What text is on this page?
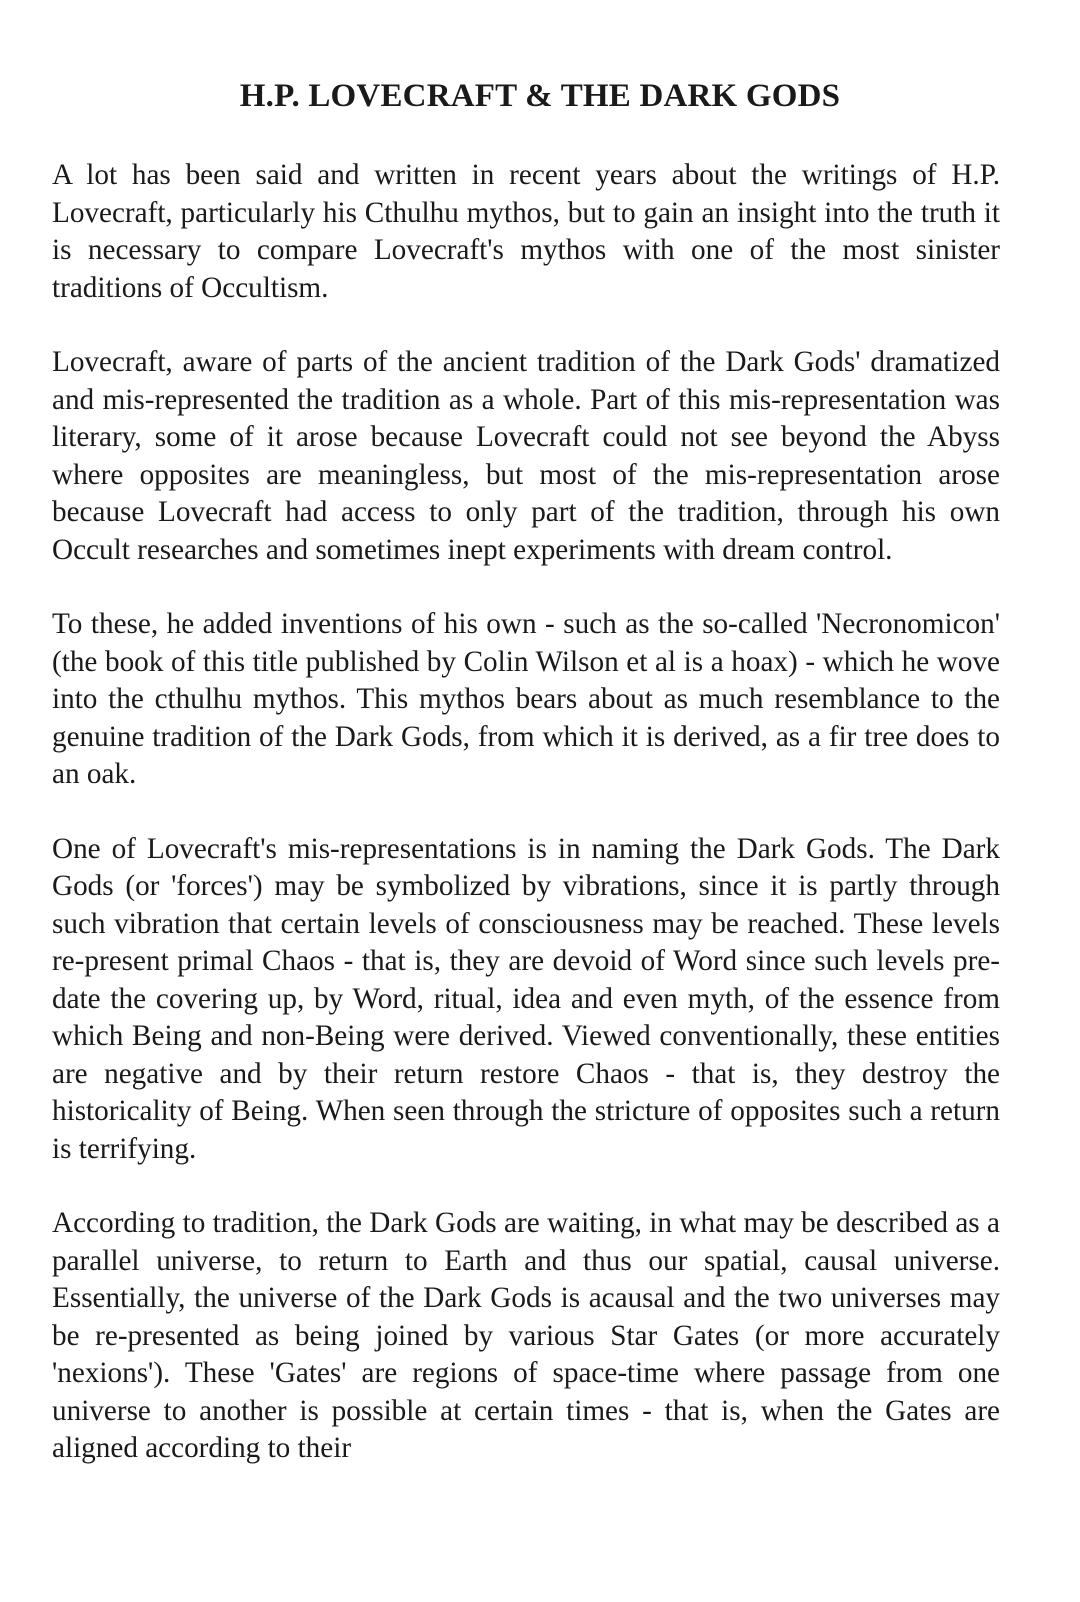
H.P. LOVECRAFT & THE DARK GODS

A lot has been said and written in recent years about the writings of H.P. Lovecraft, particularly his Cthulhu mythos, but to gain an insight into the truth it is necessary to compare Lovecraft's mythos with one of the most sinister traditions of Occultism.

Lovecraft, aware of parts of the ancient tradition of the Dark Gods' dramatized and mis-represented the tradition as a whole. Part of this mis-representation was literary, some of it arose because Lovecraft could not see beyond the Abyss where opposites are meaningless, but most of the mis-representation arose because Lovecraft had access to only part of the tradition, through his own Occult researches and sometimes inept experiments with dream control.

To these, he added inventions of his own - such as the so-called 'Necronomicon' (the book of this title published by Colin Wilson et al is a hoax) - which he wove into the cthulhu mythos. This mythos bears about as much resemblance to the genuine tradition of the Dark Gods, from which it is derived, as a fir tree does to an oak.

One of Lovecraft's mis-representations is in naming the Dark Gods. The Dark Gods (or 'forces') may be symbolized by vibrations, since it is partly through such vibration that certain levels of consciousness may be reached. These levels re-present primal Chaos - that is, they are devoid of Word since such levels pre-date the covering up, by Word, ritual, idea and even myth, of the essence from which Being and non-Being were derived. Viewed conventionally, these entities are negative and by their return restore Chaos - that is, they destroy the historicality of Being. When seen through the stricture of opposites such a return is terrifying.

According to tradition, the Dark Gods are waiting, in what may be described as a parallel universe, to return to Earth and thus our spatial, causal universe. Essentially, the universe of the Dark Gods is acausal and the two universes may be re-presented as being joined by various Star Gates (or more accurately 'nexions'). These 'Gates' are regions of space-time where passage from one universe to another is possible at certain times - that is, when the Gates are aligned according to their
